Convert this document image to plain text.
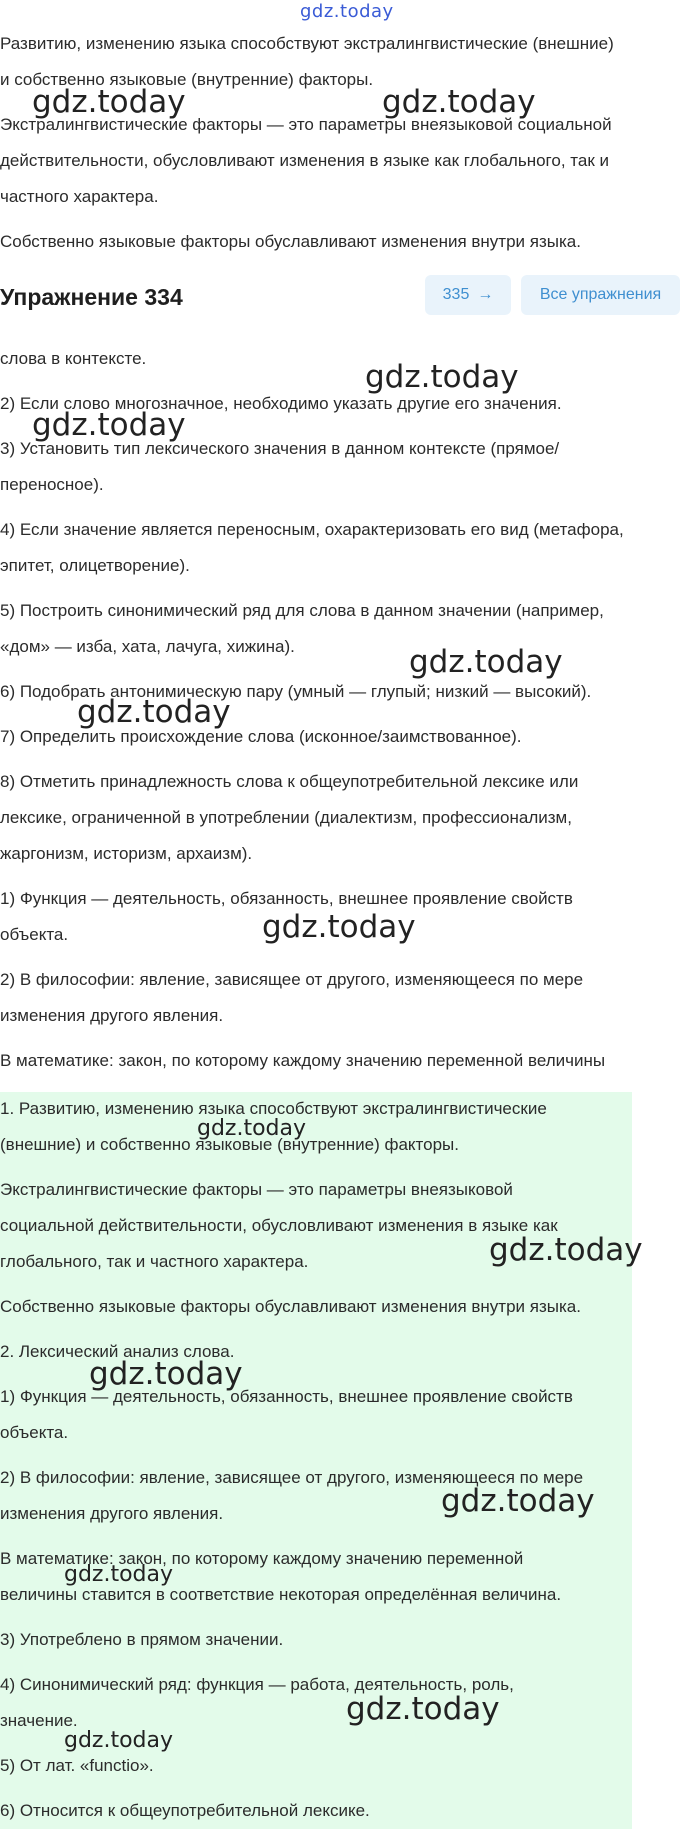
gdz.today
Развитию, изменению языка способствуют экстралингвистические (внешние)
и собственно языковые (внутренние) факторы.
Экстралингвистические факторы — это параметры внеязыковой социальной
действительности, обусловливают изменения в языке как глобального, так и
частного характера.
Собственно языковые факторы обуславливают изменения внутри языка.
Упражнение 334	335 →	Все упражнения
слова в контексте.
2) Если слово многозначное, необходимо указать другие его значения.
3) Установить тип лексического значения в данном контексте (прямое/
переносное).
4) Если значение является переносным, охарактеризовать его вид (метафора,
эпитет, олицетворение).
5) Построить синонимический ряд для слова в данном значении (например,
«дом» — изба, хата, лачуга, хижина).
6) Подобрать антонимическую пару (умный — глупый; низкий — высокий).
7) Определить происхождение слова (исконное/заимствованное).
8) Отметить принадлежность слова к общеупотребительной лексике или
лексике, ограниченной в употреблении (диалектизм, профессионализм,
жаргонизм, историзм, архаизм).
1) Функция — деятельность, обязанность, внешнее проявление свойств
объекта.
2) В философии: явление, зависящее от другого, изменяющееся по мере
изменения другого явления.
В математике: закон, по которому каждому значению переменной величины
1. Развитию, изменению языка способствуют экстралингвистические
(внешние) и собственно языковые (внутренние) факторы.
Экстралингвистические факторы — это параметры внеязыковой
социальной действительности, обусловливают изменения в языке как
глобального, так и частного характера.
Собственно языковые факторы обуславливают изменения внутри языка.
2. Лексический анализ слова.
1) Функция — деятельность, обязанность, внешнее проявление свойств
объекта.
2) В философии: явление, зависящее от другого, изменяющееся по мере
изменения другого явления.
В математике: закон, по которому каждому значению переменной
величины ставится в соответствие некоторая определённая величина.
3) Употреблено в прямом значении.
4) Синонимический ряд: функция — работа, деятельность, роль,
значение.
5) От лат. «functio».
6) Относится к общеупотребительной лексике.
gdz.today	gdz.today
gdz.today
gdz.today
gdz.today
gdz.today
gdz.today
gdz.today
gdz.today
gdz.today
gdz.today
gdz.today
gdz.today
gdz.today
